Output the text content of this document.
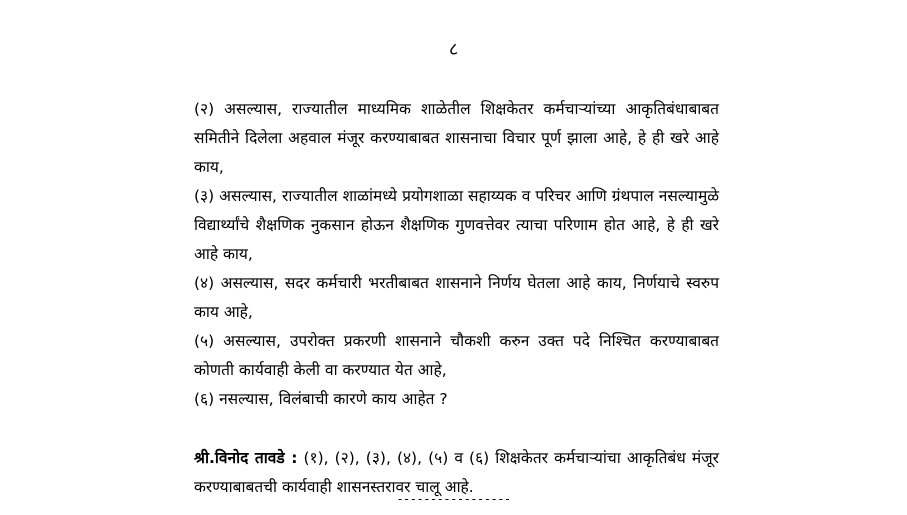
८

(२) असल्यास, राज्यातील माध्यमिक शाळेतील शिक्षकेतर कर्मचाऱ्यांच्या आकृतिबंधाबाबत समितीने दिलेला अहवाल मंजूर करण्याबाबत शासनाचा विचार पूर्ण झाला आहे, हे ही खरे आहे काय,

(३) असल्यास, राज्यातील शाळांमध्ये प्रयोगशाळा सहाय्यक व परिचर आणि ग्रंथपाल नसल्यामुळे विद्यार्थ्यांचे शैक्षणिक नुकसान होऊन शैक्षणिक गुणवत्तेवर त्याचा परिणाम होत आहे, हे ही खरे आहे काय,

(४) असल्यास, सदर कर्मचारी भरतीबाबत शासनाने निर्णय घेतला आहे काय, निर्णयाचे स्वरुप काय आहे,

(५) असल्यास, उपरोक्त प्रकरणी शासनाने चौकशी करुन उक्त पदे निश्चित करण्याबाबत कोणती कार्यवाही केली वा करण्यात येत आहे,

(६) नसल्यास, विलंबाची कारणे काय आहेत ?

श्री.विनोद तावडे : (१), (२), (३), (४), (५) व (६) शिक्षकेतर कर्मचाऱ्यांचा आकृतिबंध मंजूर करण्याबाबतची कार्यवाही शासनस्तरावर चालू आहे.

-----------------
